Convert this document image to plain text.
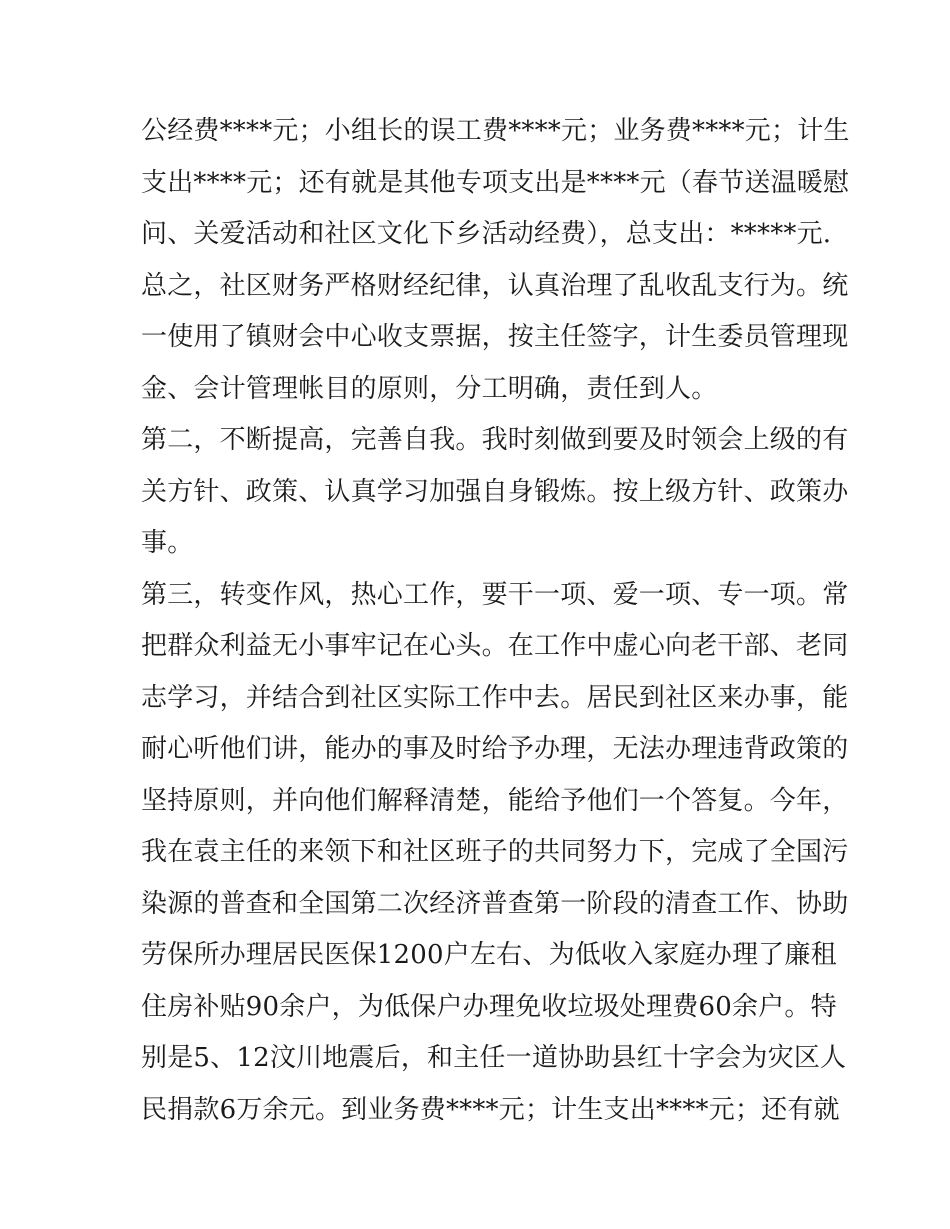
公经费****元；小组长的误工费****元；业务费****元；计生
支出****元；还有就是其他专项支出是****元（春节送温暖慰
问、关爱活动和社区文化下乡活动经费），总支出：*****元.
总之，社区财务严格财经纪律，认真治理了乱收乱支行为。统
一使用了镇财会中心收支票据，按主任签字，计生委员管理现
金、会计管理帐目的原则，分工明确，责任到人。
第二，不断提高，完善自我。我时刻做到要及时领会上级的有
关方针、政策、认真学习加强自身锻炼。按上级方针、政策办
事。
第三，转变作风，热心工作，要干一项、爱一项、专一项。常
把群众利益无小事牢记在心头。在工作中虚心向老干部、老同
志学习，并结合到社区实际工作中去。居民到社区来办事，能
耐心听他们讲，能办的事及时给予办理，无法办理违背政策的
坚持原则，并向他们解释清楚，能给予他们一个答复。今年，
我在袁主任的来领下和社区班子的共同努力下，完成了全国污
染源的普查和全国第二次经济普查第一阶段的清查工作、协助
劳保所办理居民医保1200户左右、为低收入家庭办理了廉租
住房补贴90余户，为低保户办理免收垃圾处理费60余户。特
别是5、12汶川地震后，和主任一道协助县红十字会为灾区人
民捐款6万余元。到业务费****元；计生支出****元；还有就
